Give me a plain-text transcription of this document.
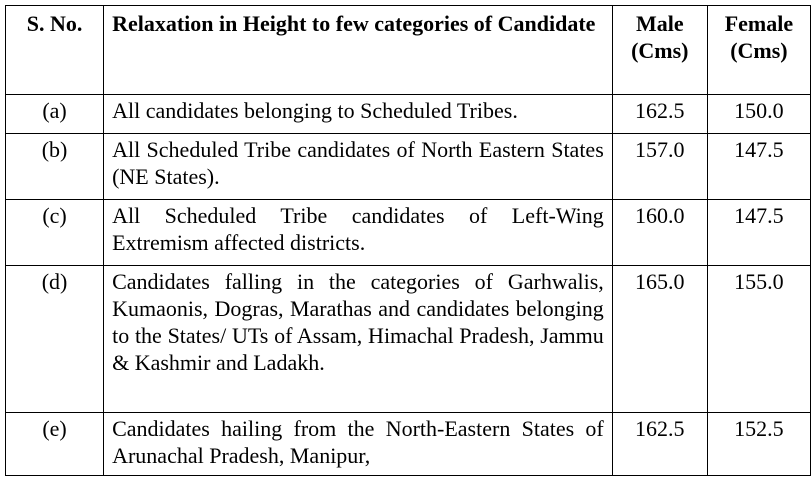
S. No.	Relaxation in Height to few categories of Candidate	Male (Cms)	Female (Cms)
(a)	All candidates belonging to Scheduled Tribes.	162.5	150.0
(b)	All Scheduled Tribe candidates of North Eastern States (NE States).	157.0	147.5
(c)	All Scheduled Tribe candidates of Left-Wing Extremism affected districts.	160.0	147.5
(d)	Candidates falling in the categories of Garhwalis, Kumaonis, Dogras, Marathas and candidates belonging to the States/ UTs of Assam, Himachal Pradesh, Jammu & Kashmir and Ladakh.	165.0	155.0
(e)	Candidates hailing from the North-Eastern States of Arunachal Pradesh, Manipur,	162.5	152.5
